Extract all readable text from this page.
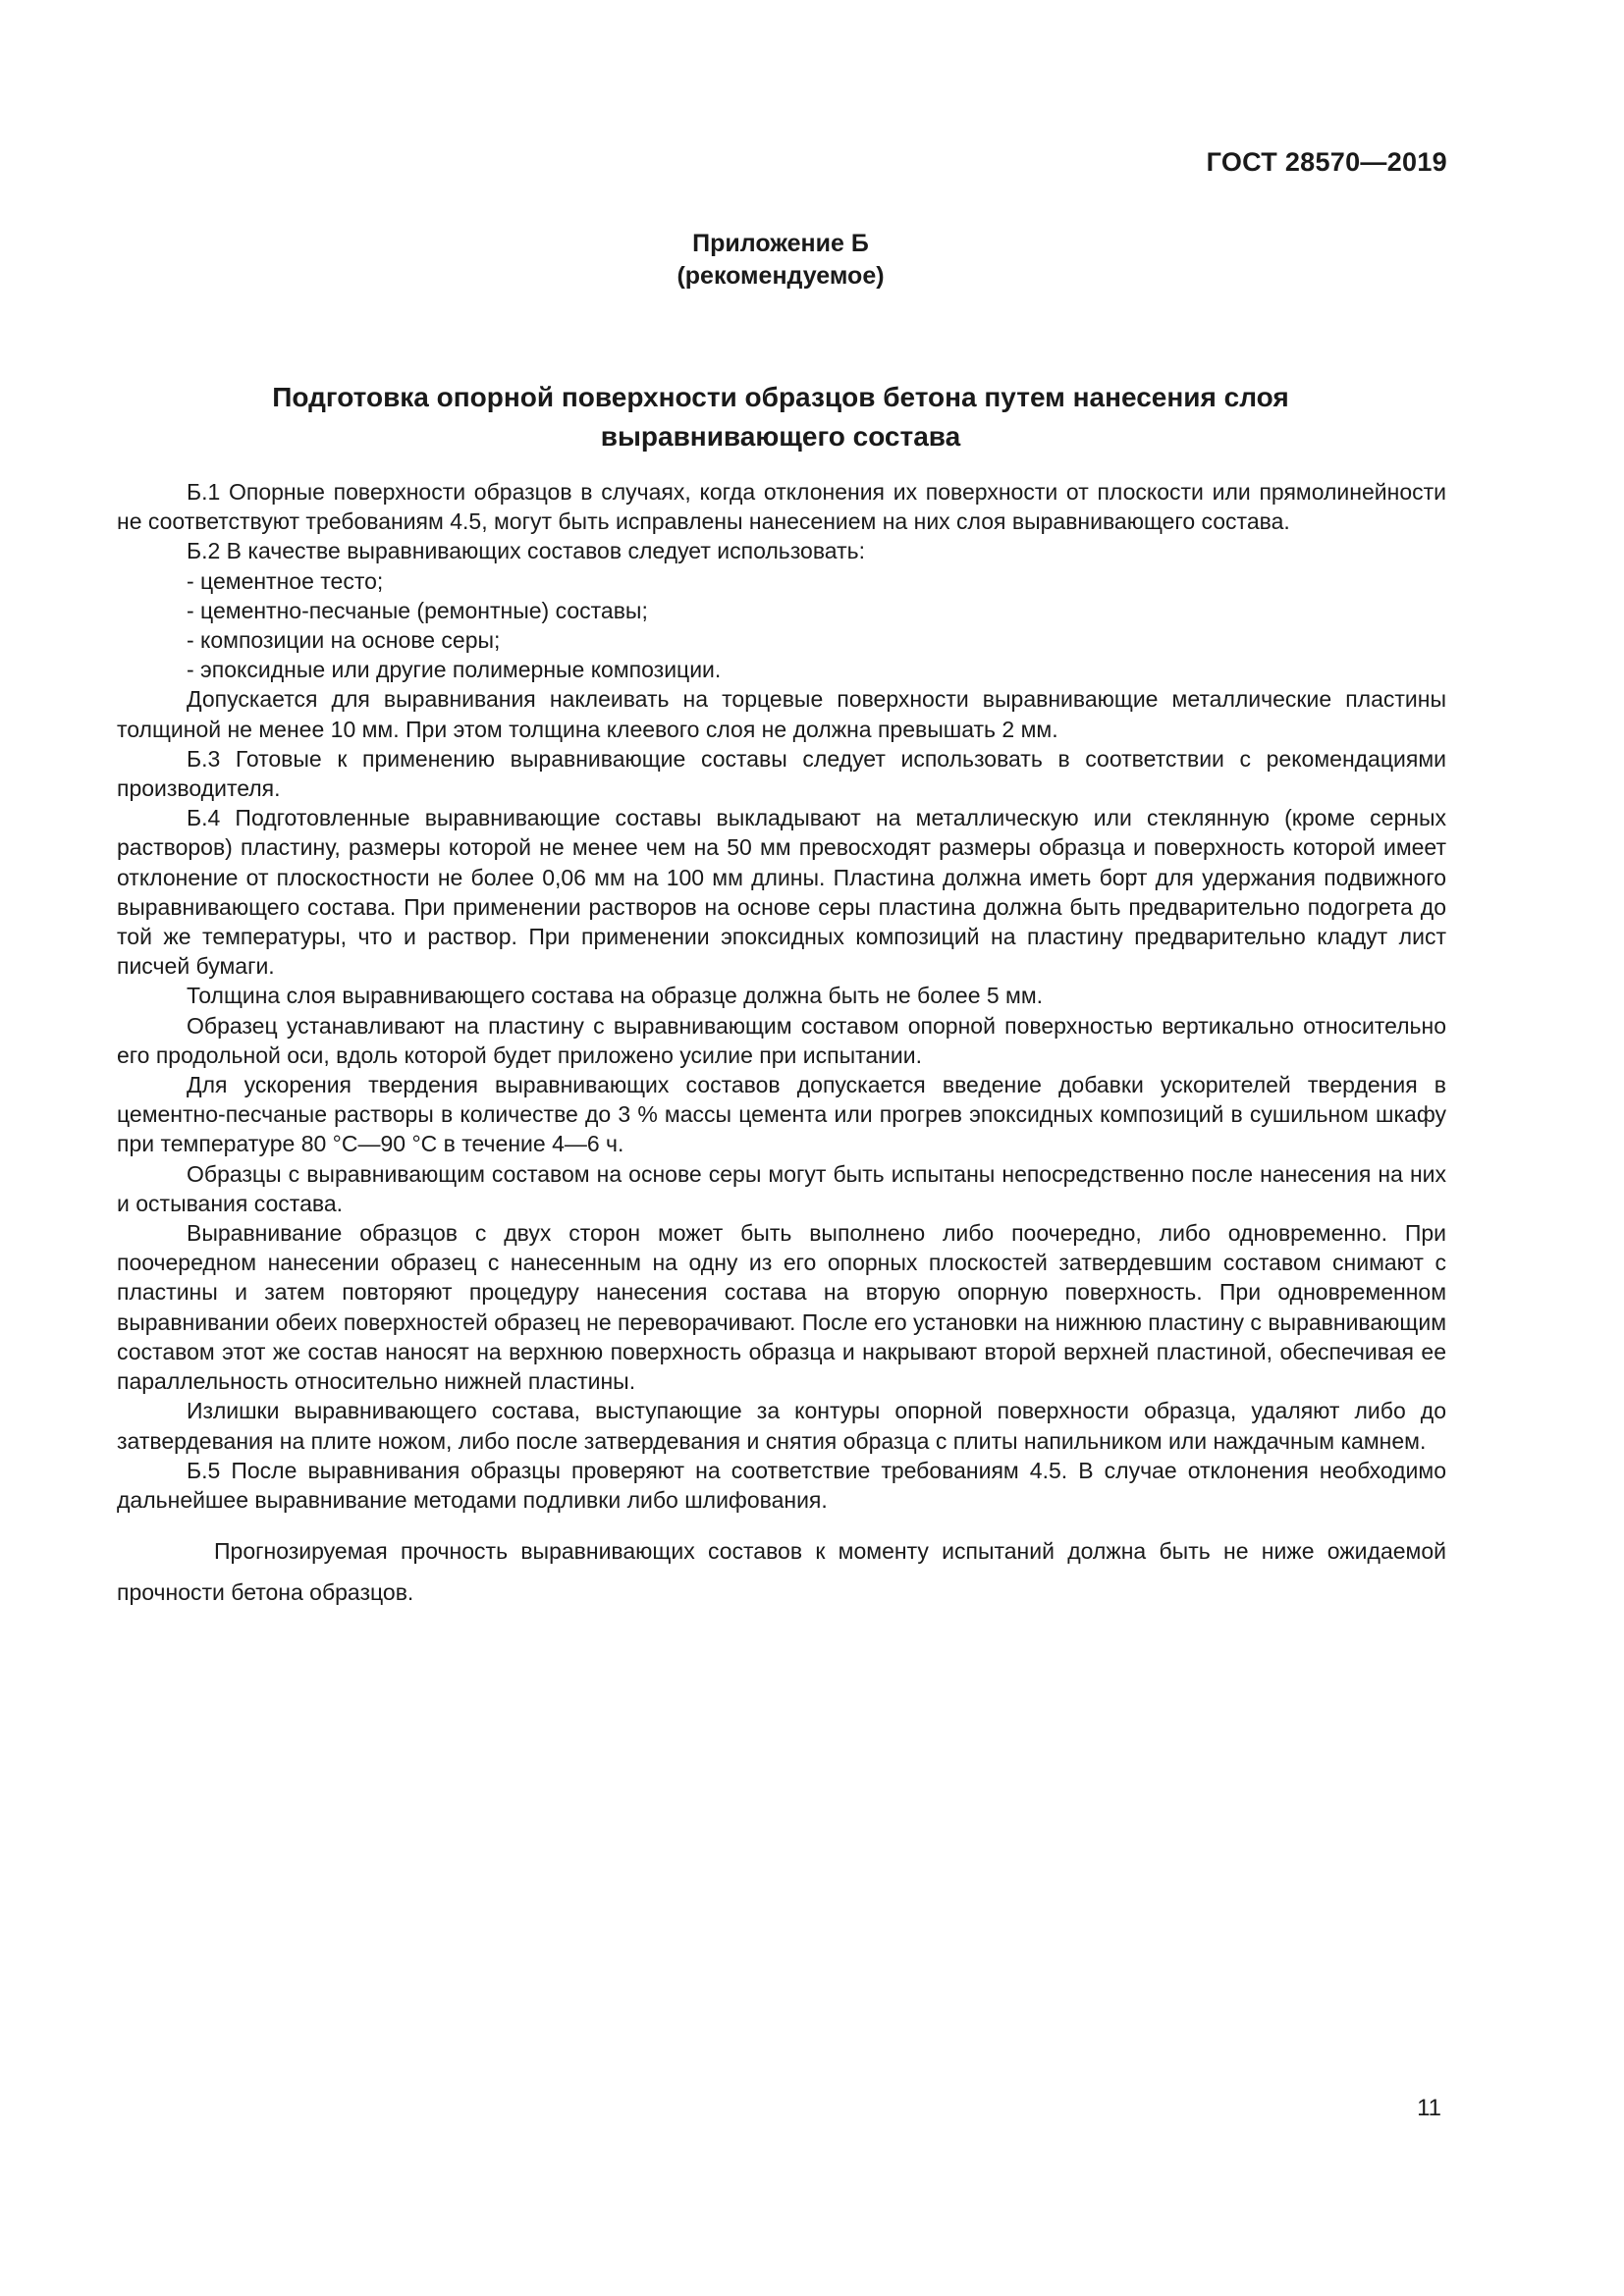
ГОСТ 28570—2019
Приложение Б
(рекомендуемое)
Подготовка опорной поверхности образцов бетона путем нанесения слоя
выравнивающего состава

Б.1 Опорные поверхности образцов в случаях, когда отклонения их поверхности от плоскости или прямолинейности не соответствуют требованиям 4.5, могут быть исправлены нанесением на них слоя выравнивающего состава.

Б.2 В качестве выравнивающих составов следует использовать:

- цементное тесто;

- цементно-песчаные (ремонтные) составы;

- композиции на основе серы;

- эпоксидные или другие полимерные композиции.

Допускается для выравнивания наклеивать на торцевые поверхности выравнивающие металлические пластины толщиной не менее 10 мм. При этом толщина клеевого слоя не должна превышать 2 мм.

Б.3 Готовые к применению выравнивающие составы следует использовать в соответствии с рекомендациями производителя.

Б.4 Подготовленные выравнивающие составы выкладывают на металлическую или стеклянную (кроме серных растворов) пластину, размеры которой не менее чем на 50 мм превосходят размеры образца и поверхность которой имеет отклонение от плоскостности не более 0,06 мм на 100 мм длины. Пластина должна иметь борт для удержания подвижного выравнивающего состава. При применении растворов на основе серы пластина должна быть предварительно подогрета до той же температуры, что и раствор. При применении эпоксидных композиций на пластину предварительно кладут лист писчей бумаги.

Толщина слоя выравнивающего состава на образце должна быть не более 5 мм.

Образец устанавливают на пластину с выравнивающим составом опорной поверхностью вертикально относительно его продольной оси, вдоль которой будет приложено усилие при испытании.

Для ускорения твердения выравнивающих составов допускается введение добавки ускорителей твердения в цементно-песчаные растворы в количестве до 3 % массы цемента или прогрев эпоксидных композиций в сушильном шкафу при температуре 80 °С—90 °С в течение 4—6 ч.

Образцы с выравнивающим составом на основе серы могут быть испытаны непосредственно после нанесения на них и остывания состава.

Выравнивание образцов с двух сторон может быть выполнено либо поочередно, либо одновременно. При поочередном нанесении образец с нанесенным на одну из его опорных плоскостей затвердевшим составом снимают с пластины и затем повторяют процедуру нанесения состава на вторую опорную поверхность. При одновременном выравнивании обеих поверхностей образец не переворачивают. После его установки на нижнюю пластину с выравнивающим составом этот же состав наносят на верхнюю поверхность образца и накрывают второй верхней пластиной, обеспечивая ее параллельность относительно нижней пластины.

Излишки выравнивающего состава, выступающие за контуры опорной поверхности образца, удаляют либо до затвердевания на плите ножом, либо после затвердевания и снятия образца с плиты напильником или наждачным камнем.

Б.5 После выравнивания образцы проверяют на соответствие требованиям 4.5. В случае отклонения необходимо дальнейшее выравнивание методами подливки либо шлифования.

Прогнозируемая прочность выравнивающих составов к моменту испытаний должна быть не ниже ожидаемой прочности бетона образцов.

11
